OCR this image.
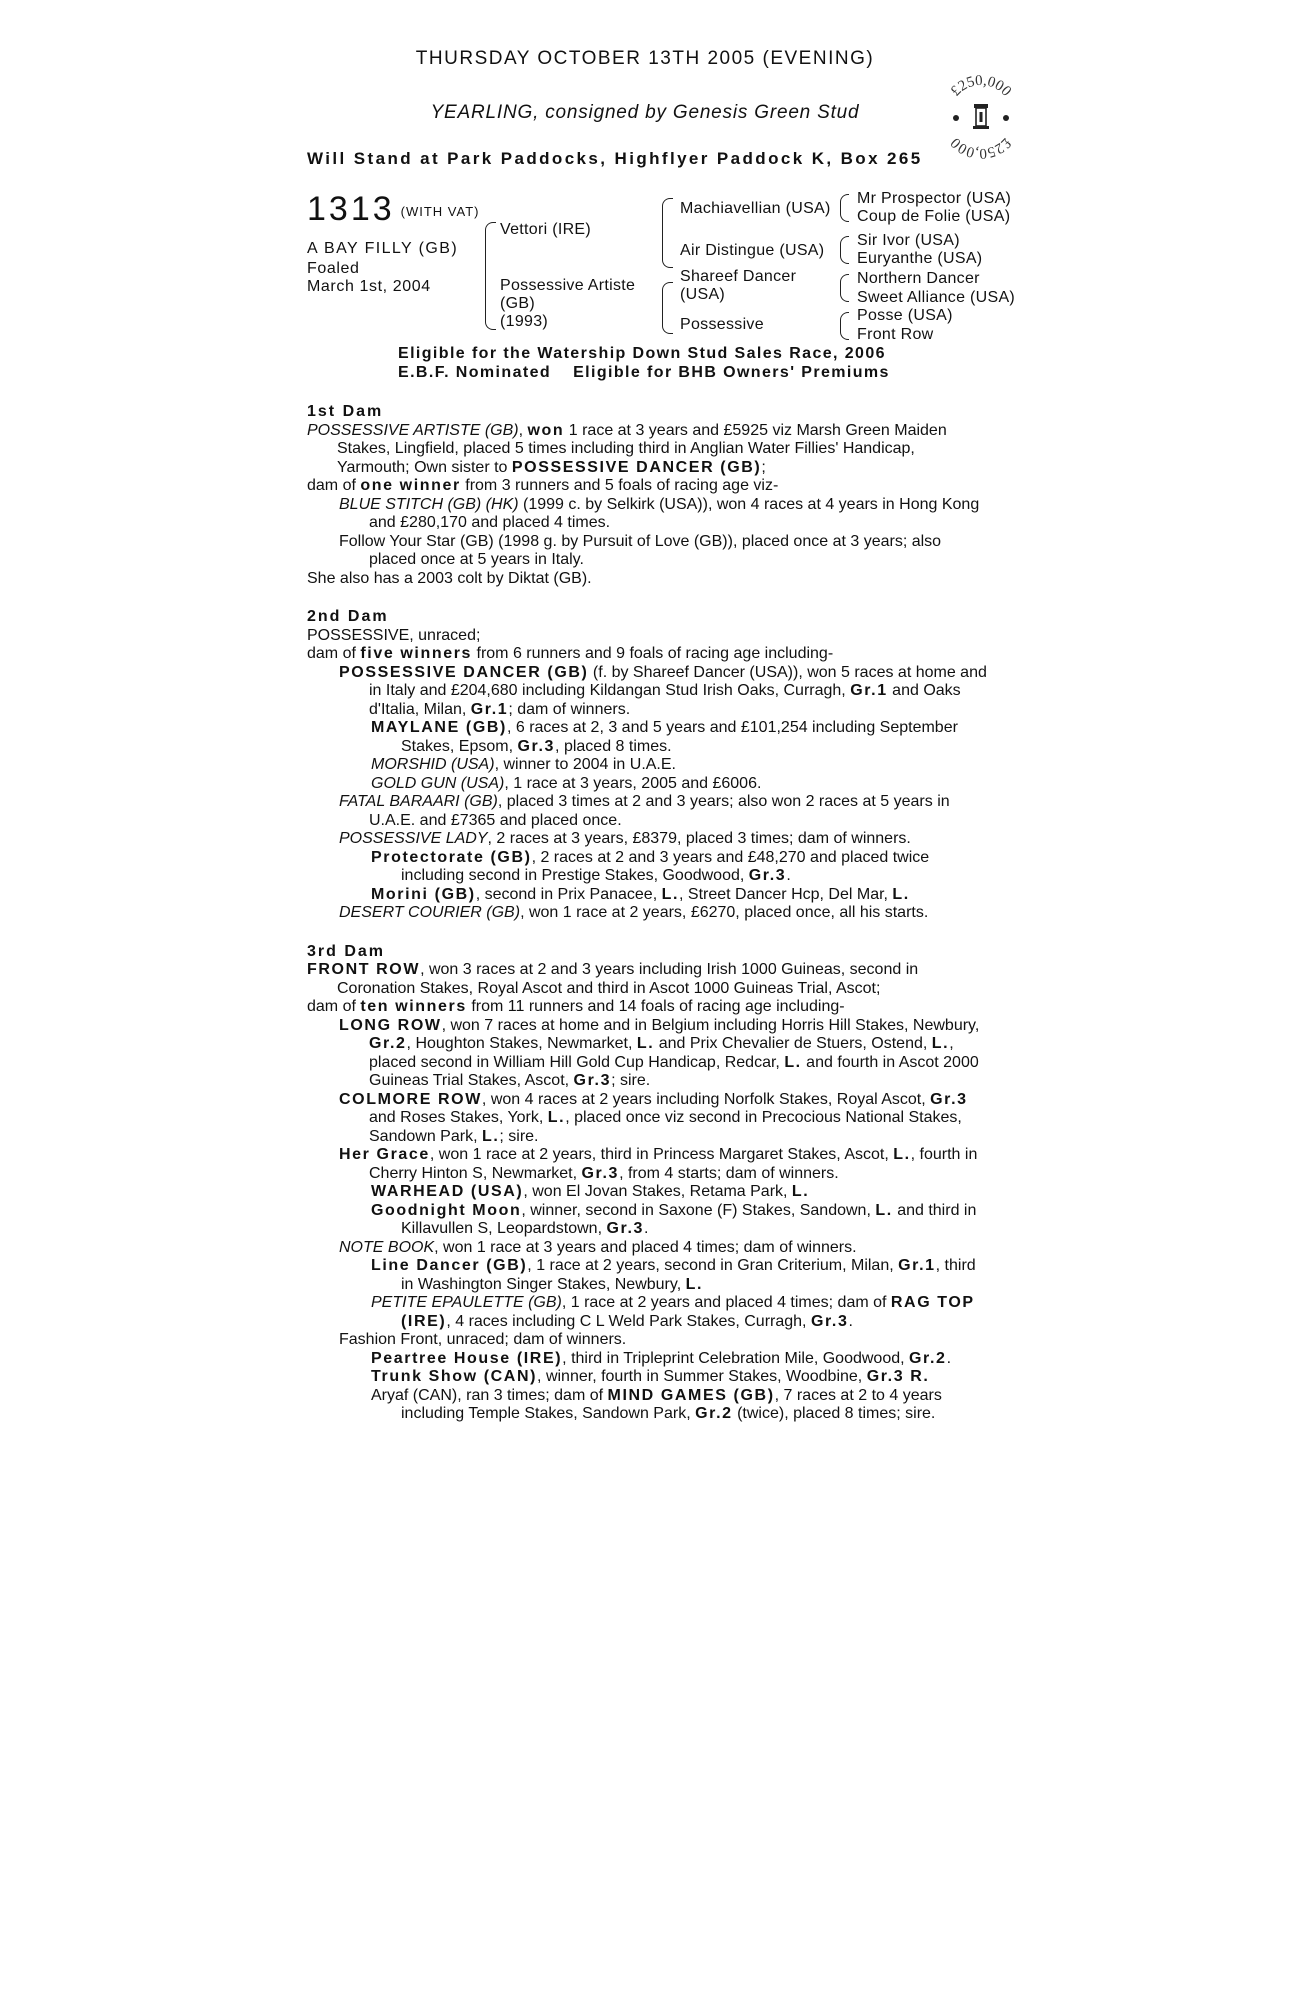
THURSDAY OCTOBER 13TH 2005 (EVENING)
YEARLING, consigned by Genesis Green Stud
Will Stand at Park Paddocks, Highflyer Paddock K, Box 265
£250,000
£250,000
1313 (WITH VAT)
A BAY FILLY (GB)
Foaled
March 1st, 2004
Vettori (IRE)
Possessive Artiste
(GB)
(1993)
Machiavellian (USA)
Air Distingue (USA)
Shareef Dancer
(USA)
Possessive
Mr Prospector (USA)
Coup de Folie (USA)
Sir Ivor (USA)
Euryanthe (USA)
Northern Dancer
Sweet Alliance (USA)
Posse (USA)
Front Row
Eligible for the Watership Down Stud Sales Race, 2006
E.B.F. Nominated Eligible for BHB Owners' Premiums

1st Dam

POSSESSIVE ARTISTE (GB), won 1 race at 3 years and £5925 viz Marsh Green Maiden Stakes, Lingfield, placed 5 times including third in Anglian Water Fillies' Handicap, Yarmouth; Own sister to POSSESSIVE DANCER (GB);

dam of one winner from 3 runners and 5 foals of racing age viz-

BLUE STITCH (GB) (HK) (1999 c. by Selkirk (USA)), won 4 races at 4 years in Hong Kong and £280,170 and placed 4 times.

Follow Your Star (GB) (1998 g. by Pursuit of Love (GB)), placed once at 3 years; also placed once at 5 years in Italy.

She also has a 2003 colt by Diktat (GB).

2nd Dam

POSSESSIVE, unraced;

dam of five winners from 6 runners and 9 foals of racing age including-

POSSESSIVE DANCER (GB) (f. by Shareef Dancer (USA)), won 5 races at home and in Italy and £204,680 including Kildangan Stud Irish Oaks, Curragh, Gr.1 and Oaks d'Italia, Milan, Gr.1; dam of winners.

MAYLANE (GB), 6 races at 2, 3 and 5 years and £101,254 including September Stakes, Epsom, Gr.3, placed 8 times.

MORSHID (USA), winner to 2004 in U.A.E.

GOLD GUN (USA), 1 race at 3 years, 2005 and £6006.

FATAL BARAARI (GB), placed 3 times at 2 and 3 years; also won 2 races at 5 years in U.A.E. and £7365 and placed once.

POSSESSIVE LADY, 2 races at 3 years, £8379, placed 3 times; dam of winners.

Protectorate (GB), 2 races at 2 and 3 years and £48,270 and placed twice including second in Prestige Stakes, Goodwood, Gr.3.

Morini (GB), second in Prix Panacee, L., Street Dancer Hcp, Del Mar, L.

DESERT COURIER (GB), won 1 race at 2 years, £6270, placed once, all his starts.

3rd Dam

FRONT ROW, won 3 races at 2 and 3 years including Irish 1000 Guineas, second in Coronation Stakes, Royal Ascot and third in Ascot 1000 Guineas Trial, Ascot;

dam of ten winners from 11 runners and 14 foals of racing age including-

LONG ROW, won 7 races at home and in Belgium including Horris Hill Stakes, Newbury, Gr.2, Houghton Stakes, Newmarket, L. and Prix Chevalier de Stuers, Ostend, L., placed second in William Hill Gold Cup Handicap, Redcar, L. and fourth in Ascot 2000 Guineas Trial Stakes, Ascot, Gr.3; sire.

COLMORE ROW, won 4 races at 2 years including Norfolk Stakes, Royal Ascot, Gr.3 and Roses Stakes, York, L., placed once viz second in Precocious National Stakes, Sandown Park, L.; sire.

Her Grace, won 1 race at 2 years, third in Princess Margaret Stakes, Ascot, L., fourth in Cherry Hinton S, Newmarket, Gr.3, from 4 starts; dam of winners.

WARHEAD (USA), won El Jovan Stakes, Retama Park, L.

Goodnight Moon, winner, second in Saxone (F) Stakes, Sandown, L. and third in Killavullen S, Leopardstown, Gr.3.

NOTE BOOK, won 1 race at 3 years and placed 4 times; dam of winners.

Line Dancer (GB), 1 race at 2 years, second in Gran Criterium, Milan, Gr.1, third in Washington Singer Stakes, Newbury, L.

PETITE EPAULETTE (GB), 1 race at 2 years and placed 4 times; dam of RAG TOP (IRE), 4 races including C L Weld Park Stakes, Curragh, Gr.3.

Fashion Front, unraced; dam of winners.

Peartree House (IRE), third in Tripleprint Celebration Mile, Goodwood, Gr.2.

Trunk Show (CAN), winner, fourth in Summer Stakes, Woodbine, Gr.3 R.

Aryaf (CAN), ran 3 times; dam of MIND GAMES (GB), 7 races at 2 to 4 years including Temple Stakes, Sandown Park, Gr.2 (twice), placed 8 times; sire.
